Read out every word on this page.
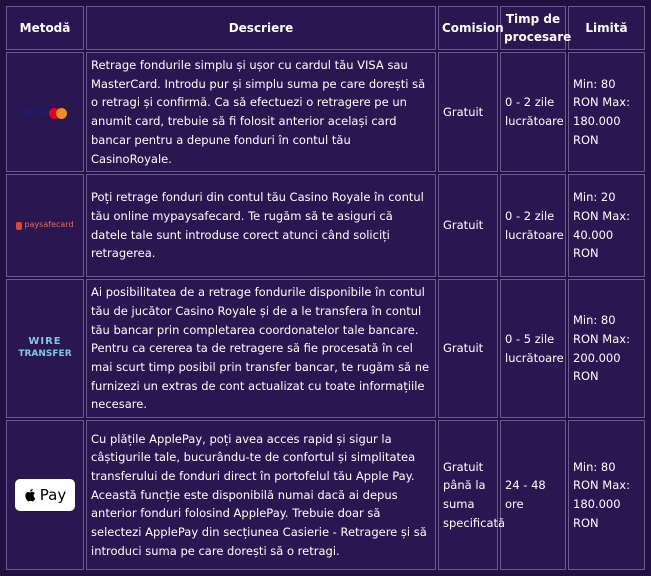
Metodă	Descriere	Comision	Timp de procesare	Limită

VISA	Retrage fondurile simplu și ușor cu cardul tău VISA sau MasterCard. Introdu pur și simplu suma pe care dorești să o retragi și confirmă. Ca să efectuezi o retragere pe un anumit card, trebuie să fi folosit anterior același card bancar pentru a depune fonduri în contul tău CasinoRoyale.	Gratuit	0 - 2 zile lucrătoare	Min: 80 RON Max: 180.000 RON

paysafecard	Poți retrage fonduri din contul tău Casino Royale în contul tău online mypaysafecard. Te rugăm să te asiguri că datele tale sunt introduse corect atunci când soliciți retragerea.	Gratuit	0 - 2 zile lucrătoare	Min: 20 RON Max: 40.000 RON
WIRE
TRANSFER	Ai posibilitatea de a retrage fondurile disponibile în contul tău de jucător Casino Royale și de a le transfera în contul tău bancar prin completarea coordonatelor tale bancare. Pentru ca cererea ta de retragere să fie procesată în cel mai scurt timp posibil prin transfer bancar, te rugăm să ne furnizezi un extras de cont actualizat cu toate informațiile necesare.	Gratuit	0 - 5 zile lucrătoare	Min: 80 RON Max: 200.000 RON

Pay	Cu plățile ApplePay, poți avea acces rapid și sigur la câștigurile tale, bucurându-te de confortul și simplitatea transferului de fonduri direct în portofelul tău Apple Pay. Această funcție este disponibilă numai dacă ai depus anterior fonduri folosind ApplePay. Trebuie doar să selectezi ApplePay din secțiunea Casierie - Retragere și să introduci suma pe care dorești să o retragi.	Gratuit până la suma specificată	24 - 48 ore	Min: 80 RON Max: 180.000 RON
